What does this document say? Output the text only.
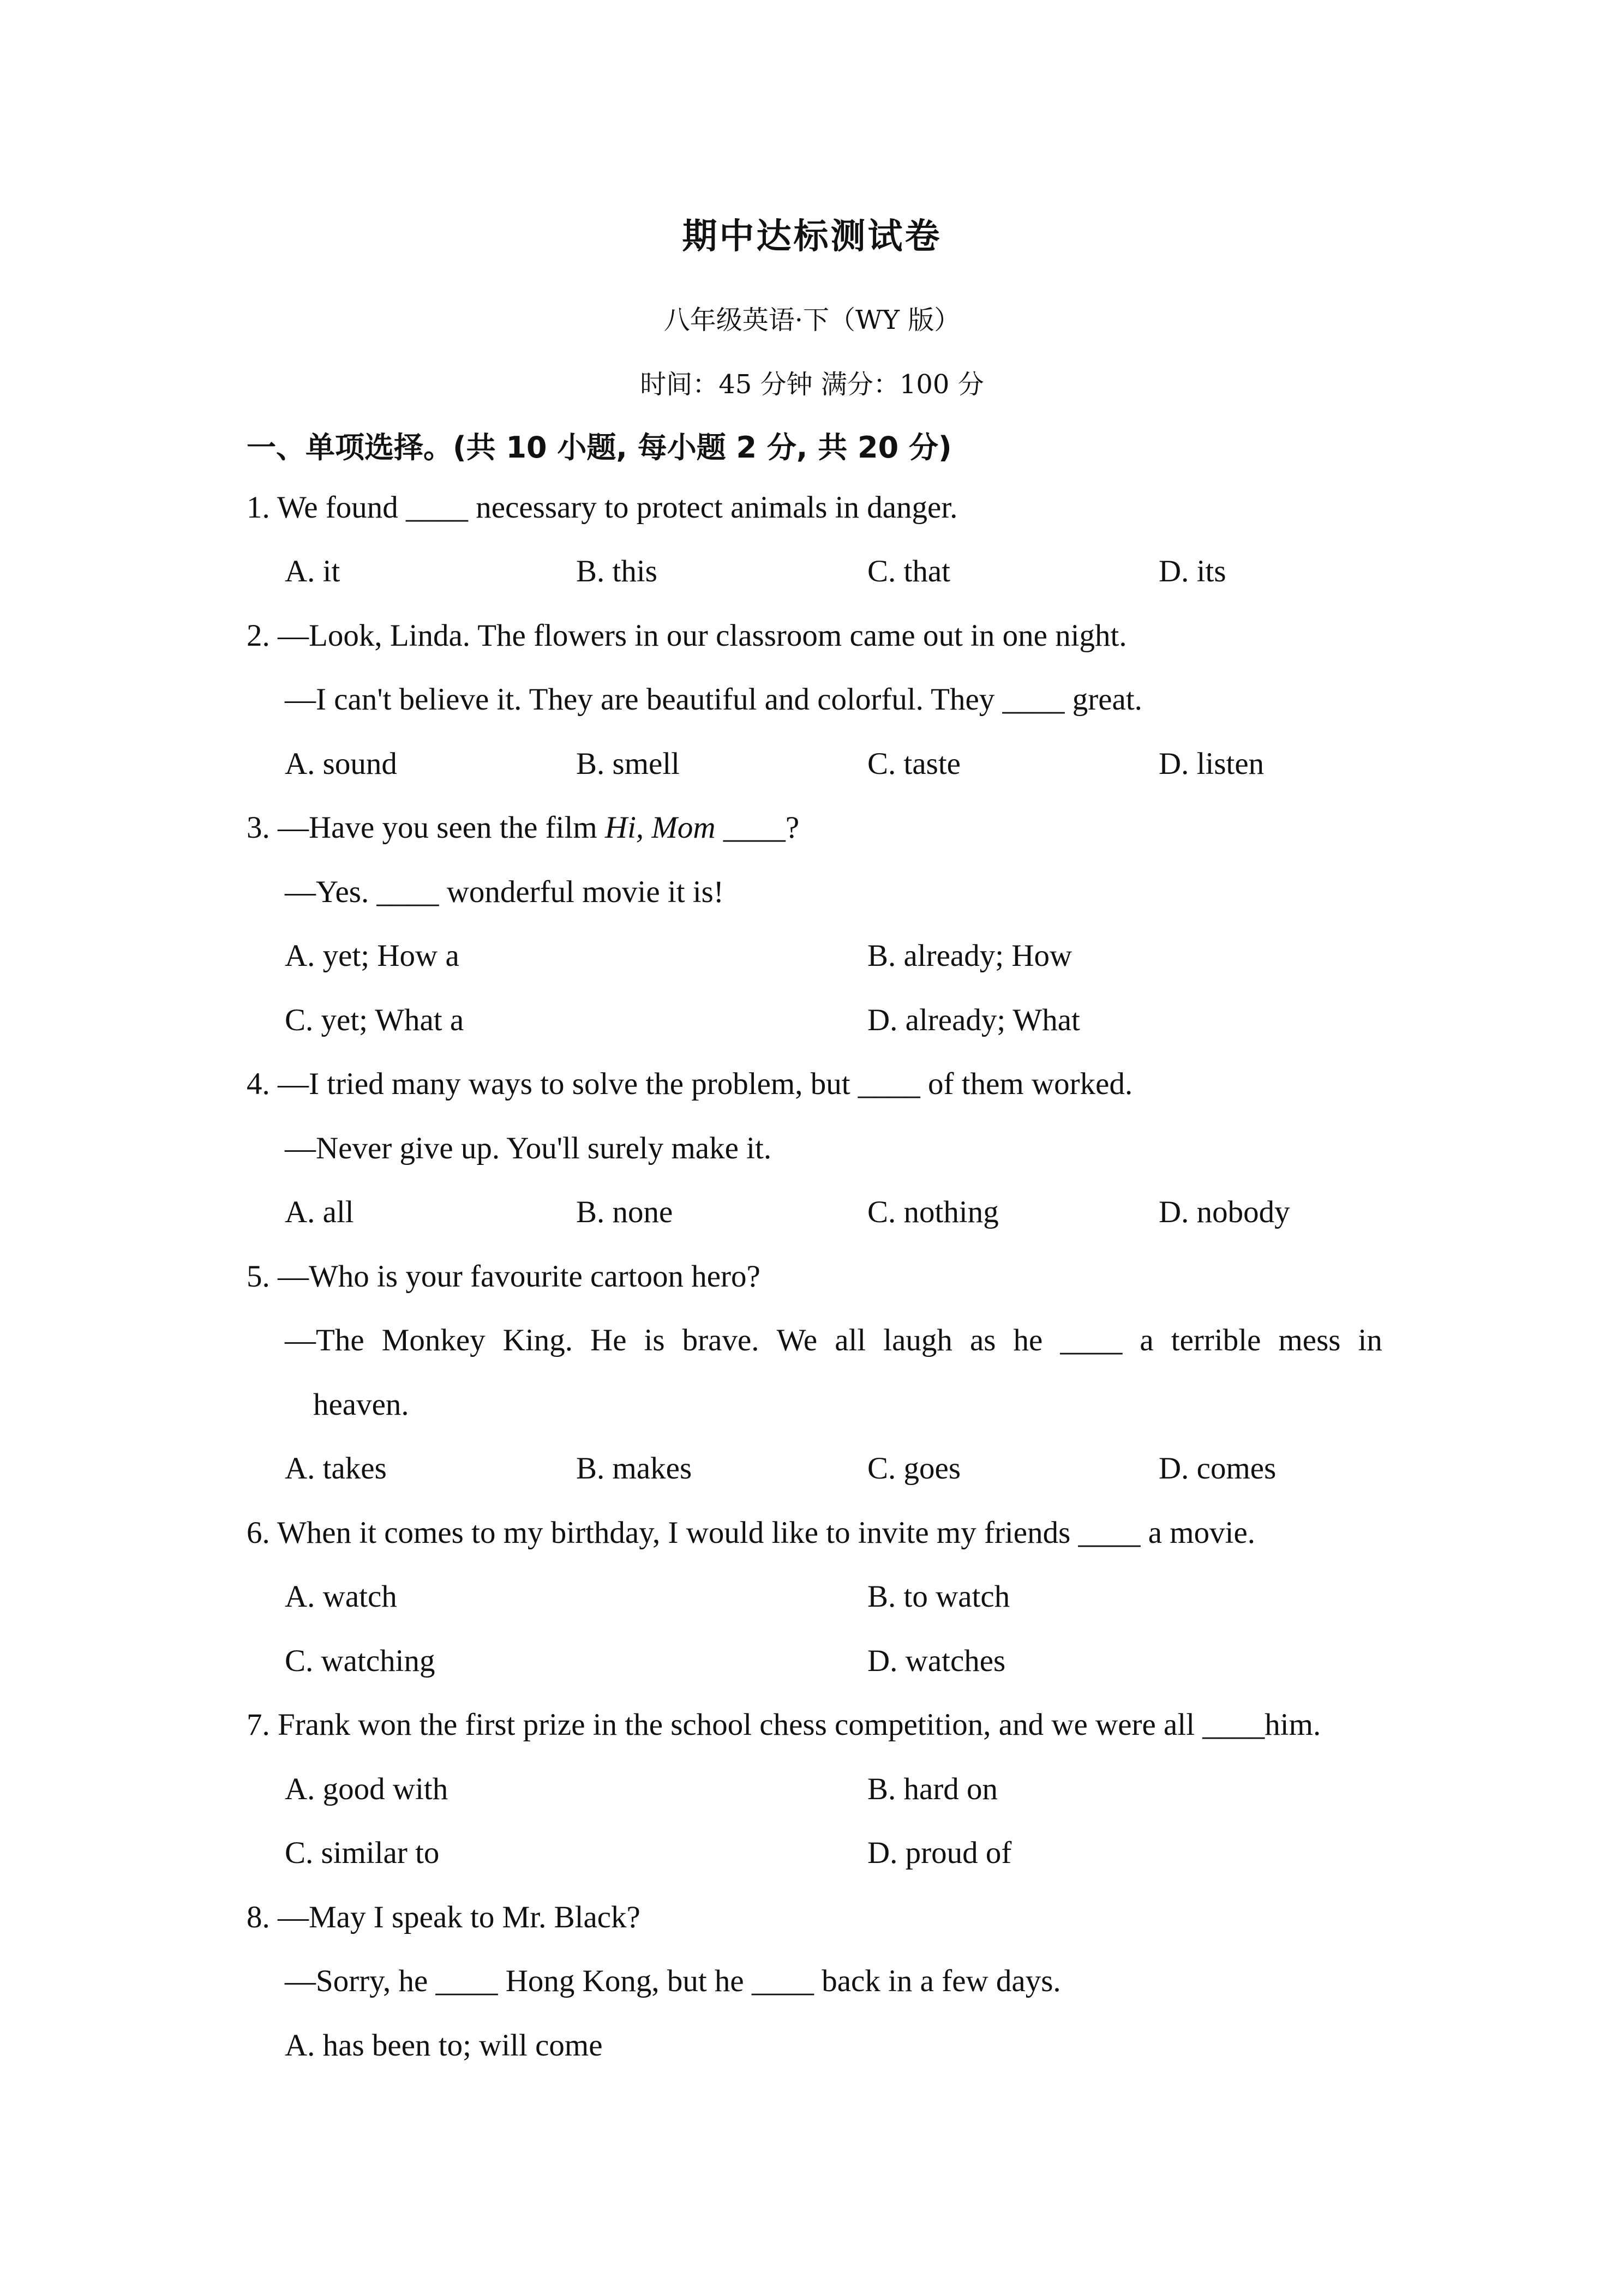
期中达标测试卷
八年级英语·下（WY 版）
时间：45 分钟 满分：100 分
一、单项选择。(共 10 小题, 每小题 2 分, 共 20 分)
1. We found ____ necessary to protect animals in danger.
A. it	B. this	C. that	D. its
2. —Look, Linda. The flowers in our classroom came out in one night.
—I can't believe it. They are beautiful and colorful. They ____ great.
A. sound	B. smell	C. taste	D. listen
3. —Have you seen the film Hi, Mom ____?
—Yes. ____ wonderful movie it is!
A. yet; How a	B. already; How
C. yet; What a	D. already; What
4. —I tried many ways to solve the problem, but ____ of them worked.
—Never give up. You'll surely make it.
A. all	B. none	C. nothing	D. nobody
5. —Who is your favourite cartoon hero?
—The Monkey King. He is brave. We all laugh as he ____ a terrible mess in
heaven.
A. takes	B. makes	C. goes	D. comes
6. When it comes to my birthday, I would like to invite my friends ____ a movie.
A. watch	B. to watch
C. watching	D. watches
7. Frank won the first prize in the school chess competition, and we were all ____him.
A. good with	B. hard on
C. similar to	D. proud of
8. —May I speak to Mr. Black?
—Sorry, he ____ Hong Kong, but he ____ back in a few days.
A. has been to; will come
